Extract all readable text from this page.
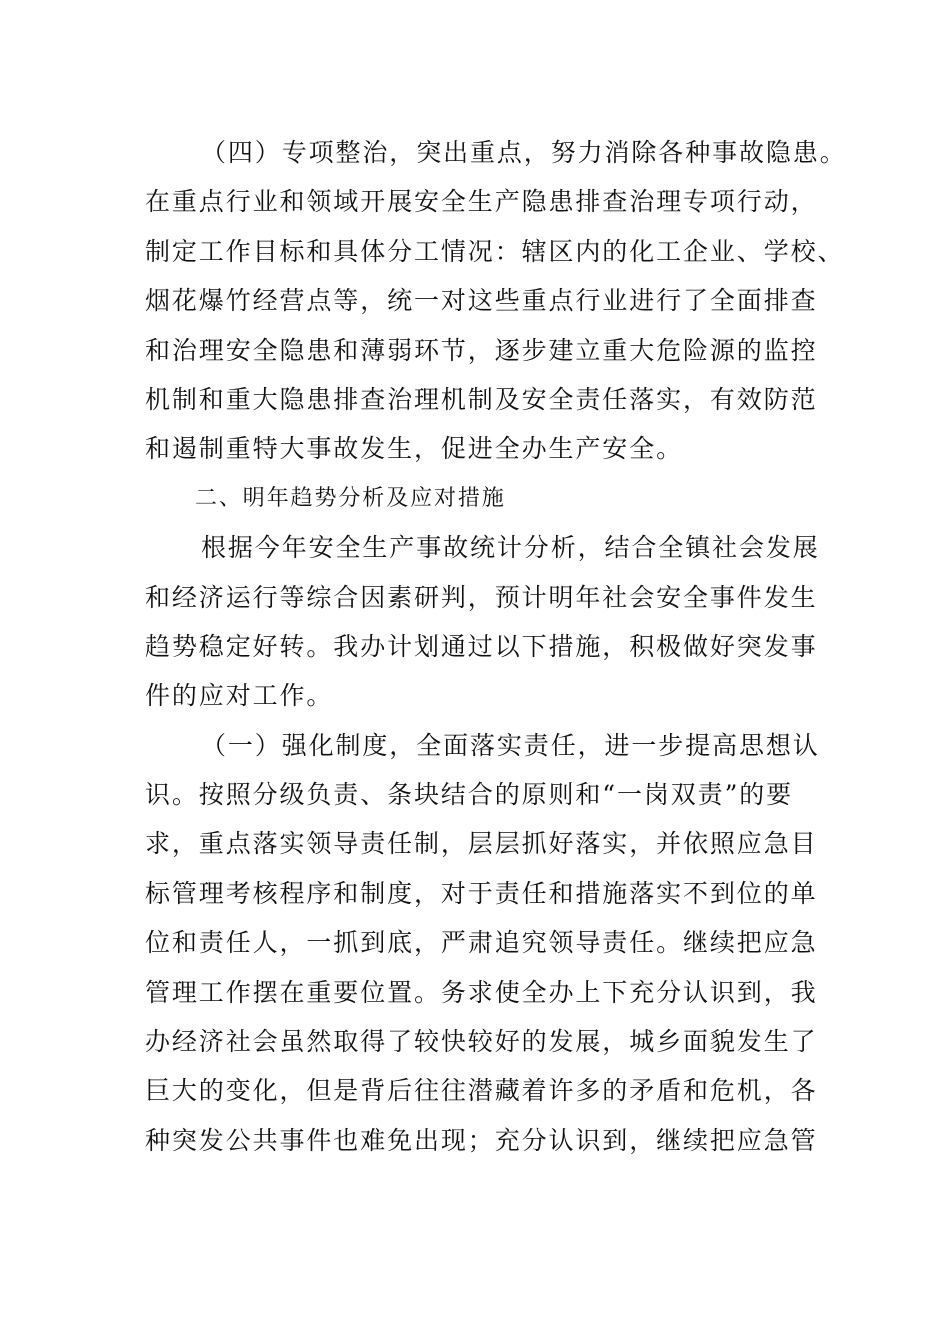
（四）专项整治，突出重点，努力消除各种事故隐患。
在重点行业和领域开展安全生产隐患排查治理专项行动，
制定工作目标和具体分工情况：辖区内的化工企业、学校、
烟花爆竹经营点等，统一对这些重点行业进行了全面排查
和治理安全隐患和薄弱环节，逐步建立重大危险源的监控
机制和重大隐患排查治理机制及安全责任落实，有效防范
和遏制重特大事故发生，促进全办生产安全。
二、明年趋势分析及应对措施
根据今年安全生产事故统计分析，结合全镇社会发展
和经济运行等综合因素研判，预计明年社会安全事件发生
趋势稳定好转。我办计划通过以下措施，积极做好突发事
件的应对工作。
（一）强化制度，全面落实责任，进一步提高思想认
识。按照分级负责、条块结合的原则和“一岗双责”的要
求，重点落实领导责任制，层层抓好落实，并依照应急目
标管理考核程序和制度，对于责任和措施落实不到位的单
位和责任人，一抓到底，严肃追究领导责任。继续把应急
管理工作摆在重要位置。务求使全办上下充分认识到，我
办经济社会虽然取得了较快较好的发展，城乡面貌发生了
巨大的变化，但是背后往往潜藏着许多的矛盾和危机，各
种突发公共事件也难免出现；充分认识到，继续把应急管
